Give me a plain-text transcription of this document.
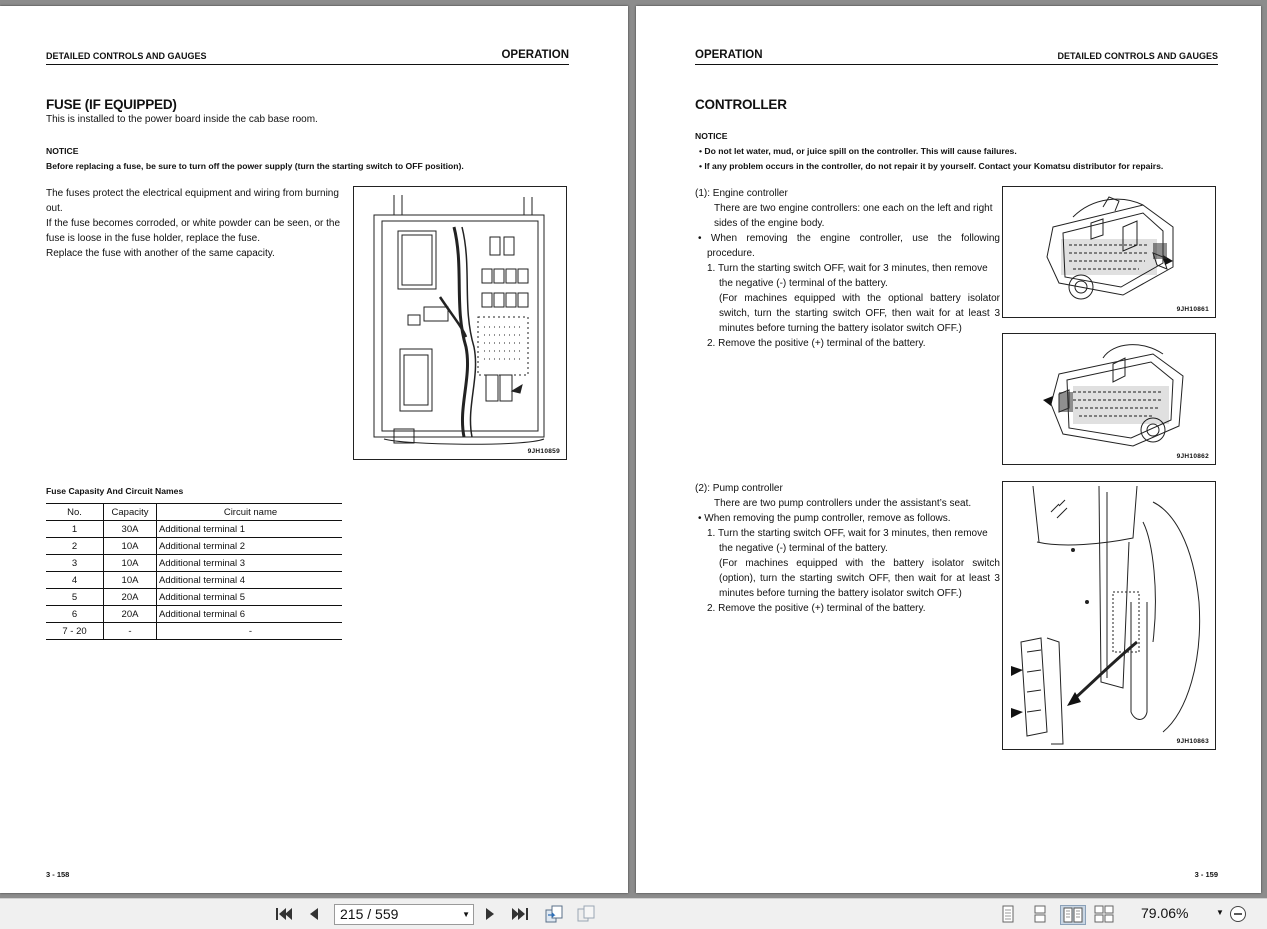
DETAILED CONTROLS AND GAUGES	OPERATION
FUSE (IF EQUIPPED)
This is installed to the power board inside the cab base room.
NOTICE
Before replacing a fuse, be sure to turn off the power supply (turn the starting switch to OFF position).
The fuses protect the electrical equipment and wiring from burning
out.
If the fuse becomes corroded, or white powder can be seen, or the
fuse is loose in the fuse holder, replace the fuse.
Replace the fuse with another of the same capacity.
9JH10859
Fuse Capasity And Circuit Names
No.	Capacity	Circuit name
1	30A	Additional terminal 1
2	10A	Additional terminal 2
3	10A	Additional terminal 3
4	10A	Additional terminal 4
5	20A	Additional terminal 5
6	20A	Additional terminal 6
7 - 20	-	-
3 - 158
OPERATION	DETAILED CONTROLS AND GAUGES
CONTROLLER
NOTICE
• Do not let water, mud, or juice spill on the controller. This will cause failures.
• If any problem occurs in the controller, do not repair it by yourself. Contact your Komatsu distributor for repairs.
(1): Engine controller
There are two engine controllers: one each on the left and right
sides of the engine body.
• When removing the engine controller, use the following
procedure.
1. Turn the starting switch OFF, wait for 3 minutes, then remove
the negative (-) terminal of the battery.
(For machines equipped with the optional battery isolator
switch, turn the starting switch OFF, then wait for at least 3
minutes before turning the battery isolator switch OFF.)
2. Remove the positive (+) terminal of the battery.
(2): Pump controller
There are two pump controllers under the assistant’s seat.
• When removing the pump controller, remove as follows.
1. Turn the starting switch OFF, wait for 3 minutes, then remove
the negative (-) terminal of the battery.
(For machines equipped with the battery isolator switch
(option), turn the starting switch OFF, then wait for at least 3
minutes before turning the battery isolator switch OFF.)
2. Remove the positive (+) terminal of the battery.
9JH10861
9JH10862
9JH10863
3 - 159
215 / 559	▼	79.06%	▼
